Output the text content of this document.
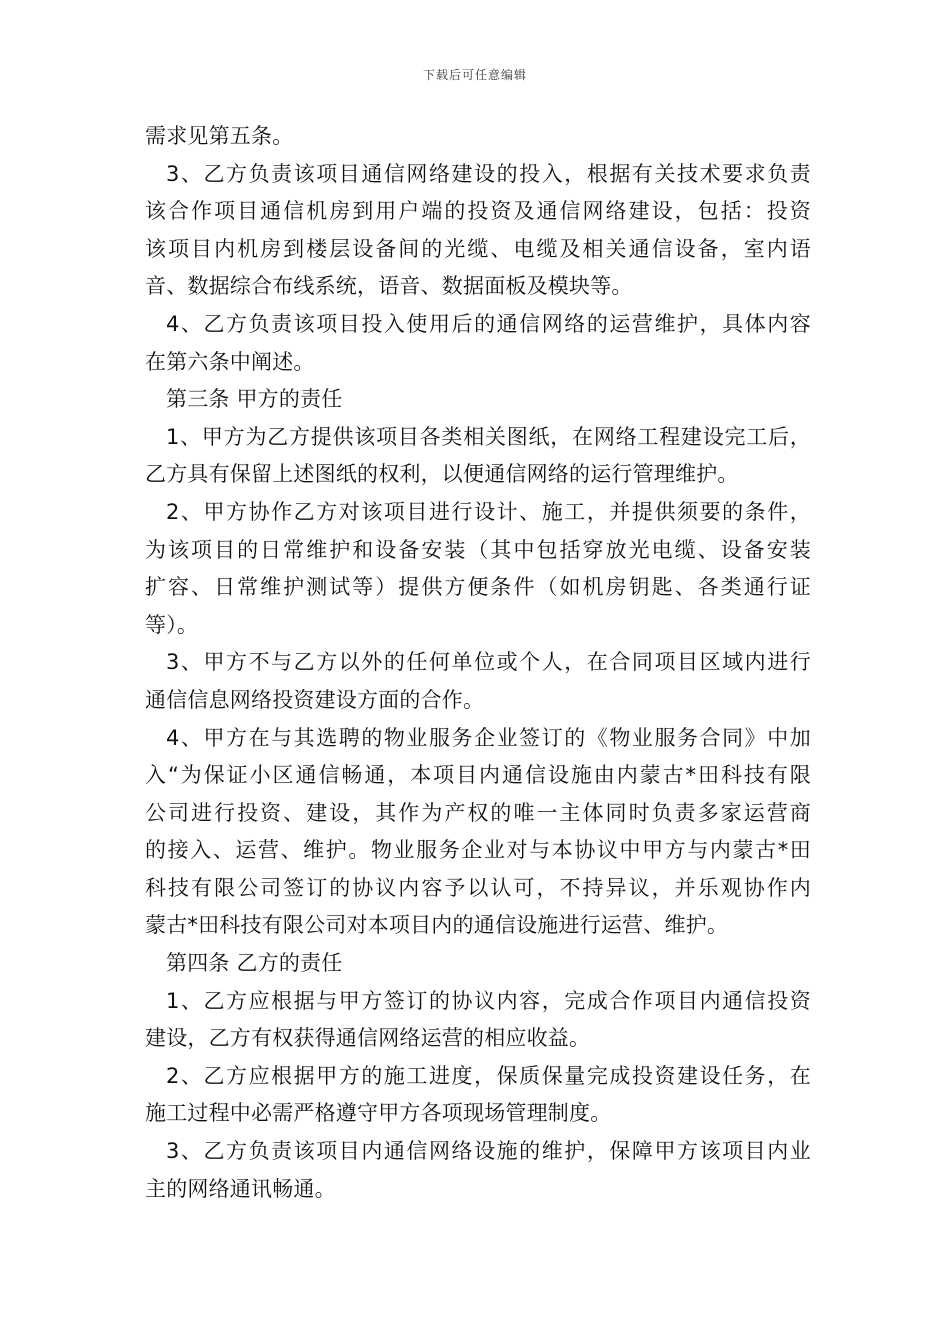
下载后可任意编辑
需求见第五条。
3、乙方负责该项目通信网络建设的投入，根据有关技术要求负责
该合作项目通信机房到用户端的投资及通信网络建设，包括：投资
该项目内机房到楼层设备间的光缆、电缆及相关通信设备，室内语
音、数据综合布线系统，语音、数据面板及模块等。
4、乙方负责该项目投入使用后的通信网络的运营维护，具体内容
在第六条中阐述。
第三条 甲方的责任
1、甲方为乙方提供该项目各类相关图纸，在网络工程建设完工后，
乙方具有保留上述图纸的权利，以便通信网络的运行管理维护。
2、甲方协作乙方对该项目进行设计、施工，并提供须要的条件，
为该项目的日常维护和设备安装（其中包括穿放光电缆、设备安装
扩容、日常维护测试等）提供方便条件（如机房钥匙、各类通行证
等）。
3、甲方不与乙方以外的任何单位或个人，在合同项目区域内进行
通信信息网络投资建设方面的合作。
4、甲方在与其选聘的物业服务企业签订的《物业服务合同》中加
入“为保证小区通信畅通，本项目内通信设施由内蒙古*田科技有限
公司进行投资、建设，其作为产权的唯一主体同时负责多家运营商
的接入、运营、维护。物业服务企业对与本协议中甲方与内蒙古*田
科技有限公司签订的协议内容予以认可，不持异议，并乐观协作内
蒙古*田科技有限公司对本项目内的通信设施进行运营、维护。
第四条 乙方的责任
1、乙方应根据与甲方签订的协议内容，完成合作项目内通信投资
建设，乙方有权获得通信网络运营的相应收益。
2、乙方应根据甲方的施工进度，保质保量完成投资建设任务，在
施工过程中必需严格遵守甲方各项现场管理制度。
3、乙方负责该项目内通信网络设施的维护，保障甲方该项目内业
主的网络通讯畅通。
